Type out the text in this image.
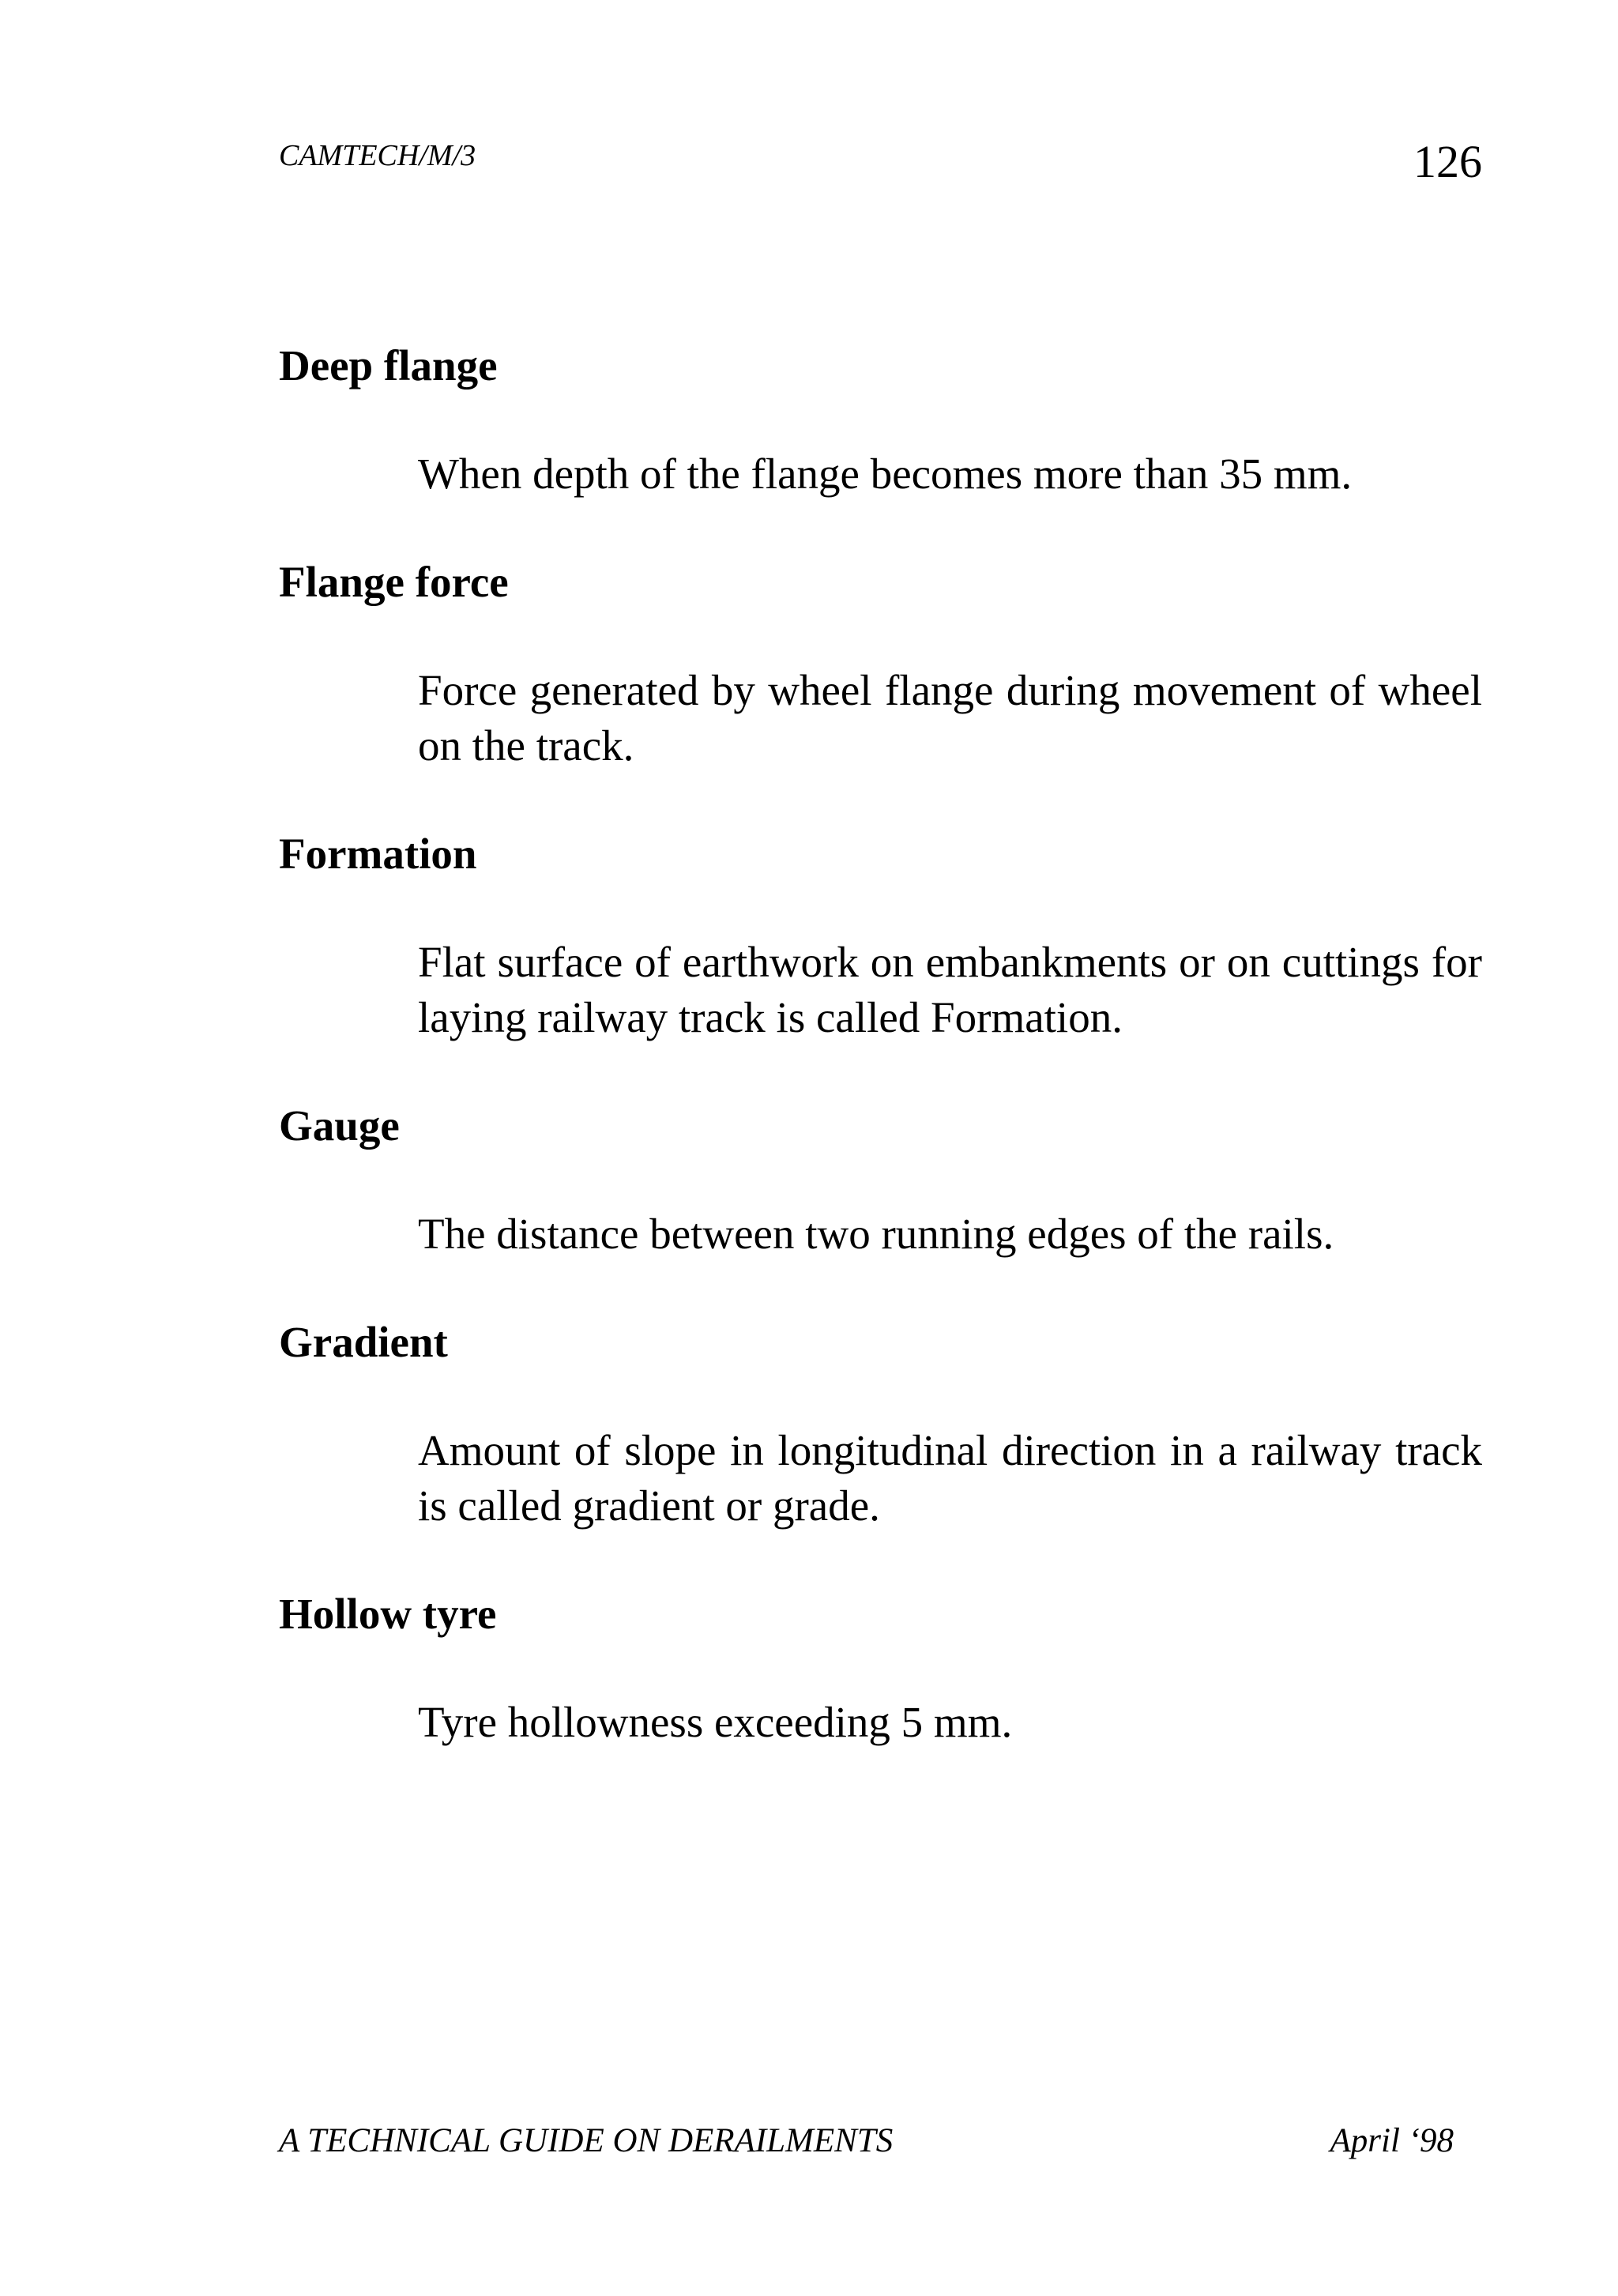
CAMTECH/M/3	126

Deep flange

When depth of the flange becomes more than 35 mm.

Flange force

Force generated by wheel flange during movement of wheel on the track.

Formation

Flat surface of earthwork on embankments or on cuttings for laying railway track is called Formation.

Gauge

The distance between two running edges of the rails.

Gradient

Amount of slope in longitudinal direction in a railway track is called gradient or grade.

Hollow tyre

Tyre hollowness exceeding 5 mm.

A TECHNICAL GUIDE ON DERAILMENTS	April ‘98
